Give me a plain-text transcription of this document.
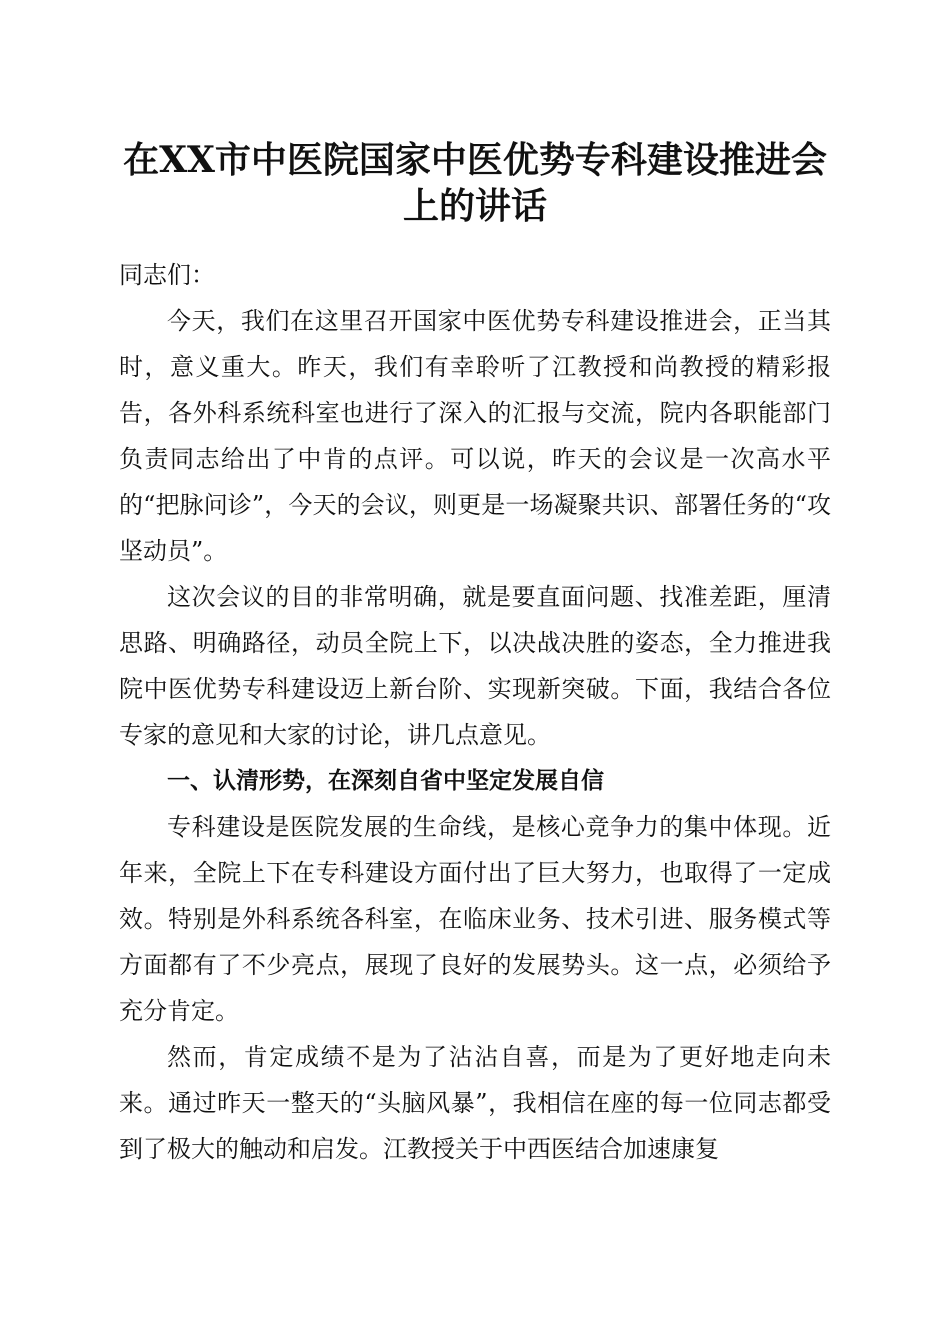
在XX市中医院国家中医优势专科建设推进会
上的讲话

同志们：

今天，我们在这里召开国家中医优势专科建设推进会，正当其时，意义重大。昨天，我们有幸聆听了江教授和尚教授的精彩报告，各外科系统科室也进行了深入的汇报与交流，院内各职能部门负责同志给出了中肯的点评。可以说，昨天的会议是一次高水平的“把脉问诊”，今天的会议，则更是一场凝聚共识、部署任务的“攻坚动员”。

这次会议的目的非常明确，就是要直面问题、找准差距，厘清思路、明确路径，动员全院上下，以决战决胜的姿态，全力推进我院中医优势专科建设迈上新台阶、实现新突破。下面，我结合各位专家的意见和大家的讨论，讲几点意见。

一、认清形势，在深刻自省中坚定发展自信

专科建设是医院发展的生命线，是核心竞争力的集中体现。近年来，全院上下在专科建设方面付出了巨大努力，也取得了一定成效。特别是外科系统各科室，在临床业务、技术引进、服务模式等方面都有了不少亮点，展现了良好的发展势头。这一点，必须给予充分肯定。

然而，肯定成绩不是为了沾沾自喜，而是为了更好地走向未来。通过昨天一整天的“头脑风暴”，我相信在座的每一位同志都受到了极大的触动和启发。江教授关于中西医结合加速康复
